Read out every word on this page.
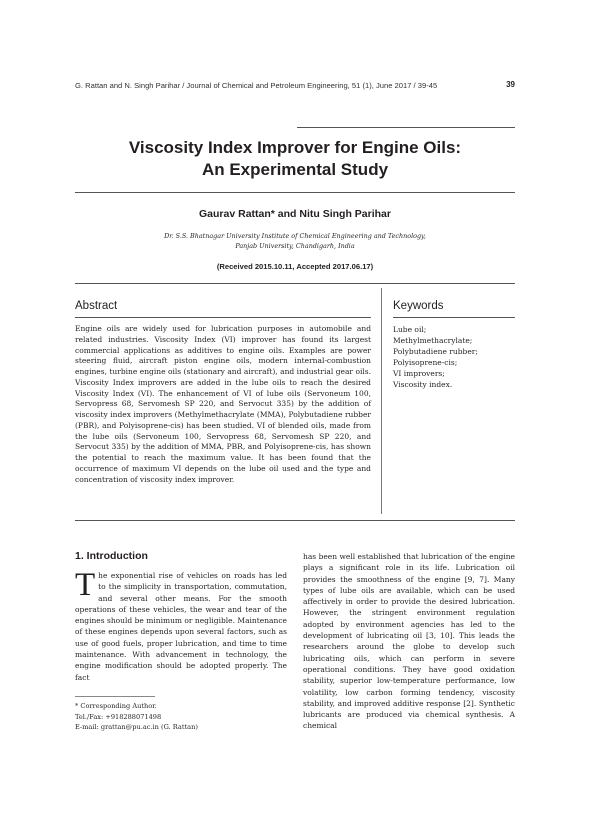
G. Rattan and N. Singh Parihar / Journal of Chemical and Petroleum Engineering, 51 (1), June 2017 / 39-45	39
Viscosity Index Improver for Engine Oils:
An Experimental Study
Gaurav Rattan* and Nitu Singh Parihar
Dr. S.S. Bhatnagar University Institute of Chemical Engineering and Technology,
Panjab University, Chandigarh, India
(Received 2015.10.11, Accepted 2017.06.17)
Abstract	Keywords
Engine oils are widely used for lubrication purposes in automobile and related industries. Viscosity Index (VI) improver has found its largest commercial applications as additives to engine oils. Examples are power steering fluid, aircraft piston engine oils, modern internal-combustion engines, turbine engine oils (stationary and aircraft), and industrial gear oils. Viscosity Index improvers are added in the lube oils to reach the desired Viscosity Index (VI). The enhancement of VI of lube oils (Servoneum 100, Servopress 68, Servomesh SP 220, and Servocut 335) by the addition of viscosity index improvers (Methylmethacrylate (MMA), Polybutadiene rubber (PBR), and Polyisoprene-cis) has been studied. VI of blended oils, made from the lube oils (Servoneum 100, Servopress 68, Servomesh SP 220, and Servocut 335) by the addition of MMA, PBR, and Polyisoprene-cis, has shown the potential to reach the maximum value. It has been found that the occurrence of maximum VI depends on the lube oil used and the type and concentration of viscosity index improver.
Lube oil;
Methylmethacrylate;
Polybutadiene rubber;
Polyisoprene-cis;
VI improvers;
Viscosity index.
1. Introduction
The exponential rise of vehicles on roads has led to the simplicity in transportation, commutation, and several other means. For the smooth operations of these vehicles, the wear and tear of the engines should be minimum or negligible. Maintenance of these engines depends upon several factors, such as use of good fuels, proper lubrication, and time to time maintenance. With advancement in technology, the engine modification should be adopted properly. The fact
has been well established that lubrication of the engine plays a significant role in its life. Lubrication oil provides the smoothness of the engine [9, 7]. Many types of lube oils are available, which can be used affectively in order to provide the desired lubrication. However, the stringent environment regulation adopted by environment agencies has led to the development of lubricating oil [3, 10]. This leads the researchers around the globe to develop such lubricating oils, which can perform in severe operational conditions. They have good oxidation stability, superior low-temperature performance, low volatility, low carbon forming tendency, viscosity stability, and improved additive response [2]. Synthetic lubricants are produced via chemical synthesis. A chemical
* Corresponding Author.
Tel./Fax: +918288071498
E-mail: grattan@pu.ac.in (G. Rattan)
